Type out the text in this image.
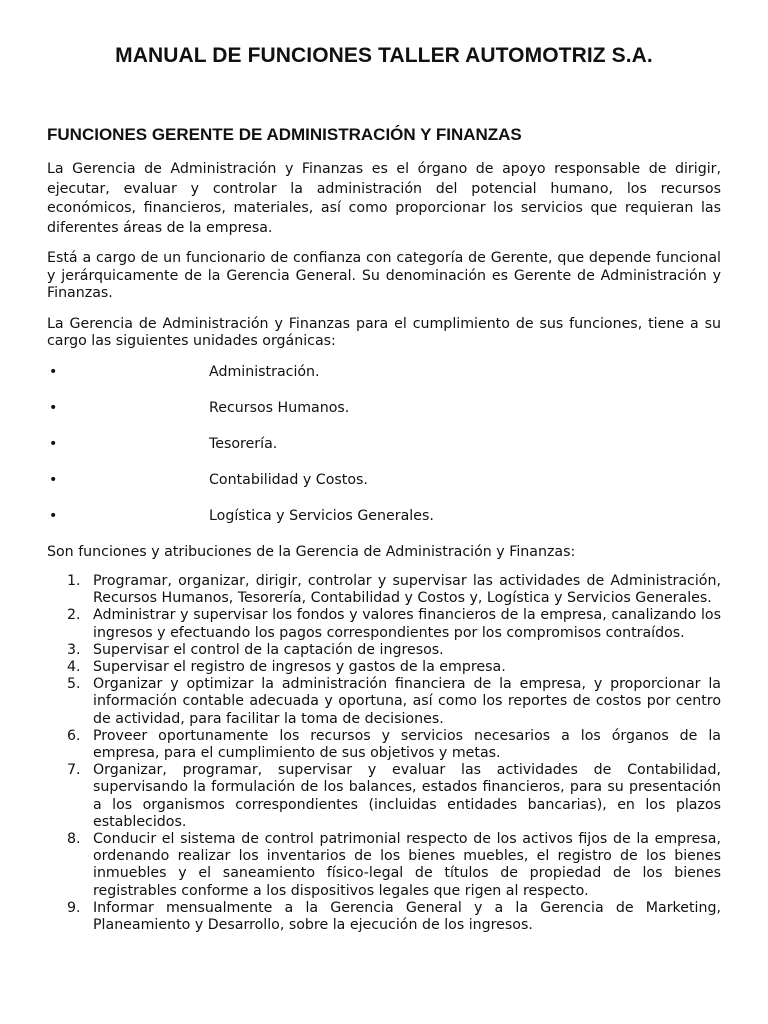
MANUAL DE FUNCIONES TALLER AUTOMOTRIZ S.A.
FUNCIONES GERENTE DE ADMINISTRACIÓN Y FINANZAS

La Gerencia de Administración y Finanzas es el órgano de apoyo responsable de dirigir, ejecutar, evaluar y controlar la administración del potencial humano, los recursos económicos, financieros, materiales, así como proporcionar los servicios que requieran las diferentes áreas de la empresa.

Está a cargo de un funcionario de confianza con categoría de Gerente, que depende funcional y jerárquicamente de la Gerencia General. Su denominación es Gerente de Administración y Finanzas.

La Gerencia de Administración y Finanzas para el cumplimiento de sus funciones, tiene a su cargo las siguientes unidades orgánicas:

•	Administración.
•	Recursos Humanos.
•	Tesorería.
•	Contabilidad y Costos.
•	Logística y Servicios Generales.

Son funciones y atribuciones de la Gerencia de Administración y Finanzas:

1. Programar, organizar, dirigir, controlar y supervisar las actividades de Administración, Recursos Humanos, Tesorería, Contabilidad y Costos y, Logística y Servicios Generales.
2. Administrar y supervisar los fondos y valores financieros de la empresa, canalizando los ingresos y efectuando los pagos correspondientes por los compromisos contraídos.
3. Supervisar el control de la captación de ingresos.
4. Supervisar el registro de ingresos y gastos de la empresa.
5. Organizar y optimizar la administración financiera de la empresa, y proporcionar la información contable adecuada y oportuna, así como los reportes de costos por centro de actividad, para facilitar la toma de decisiones.
6. Proveer oportunamente los recursos y servicios necesarios a los órganos de la empresa, para el cumplimiento de sus objetivos y metas.
7. Organizar, programar, supervisar y evaluar las actividades de Contabilidad, supervisando la formulación de los balances, estados financieros, para su presentación a los organismos correspondientes (incluidas entidades bancarias), en los plazos establecidos.
8. Conducir el sistema de control patrimonial respecto de los activos fijos de la empresa, ordenando realizar los inventarios de los bienes muebles, el registro de los bienes inmuebles y el saneamiento físico-legal de títulos de propiedad de los bienes registrables conforme a los dispositivos legales que rigen al respecto.
9. Informar mensualmente a la Gerencia General y a la Gerencia de Marketing, Planeamiento y Desarrollo, sobre la ejecución de los ingresos.
